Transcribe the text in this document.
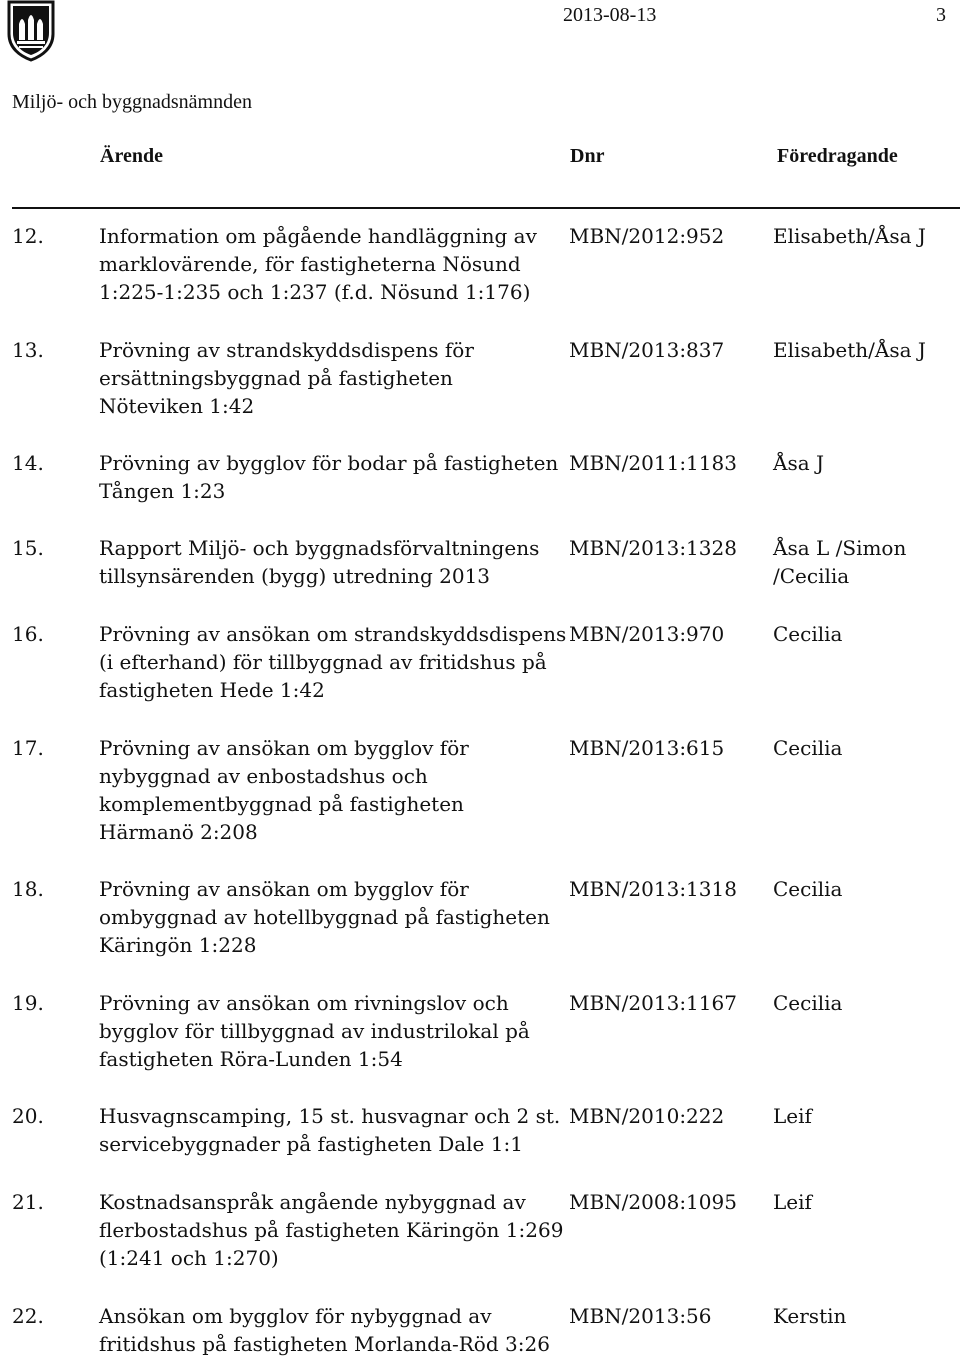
2013-08-13	3
Miljö- och byggnadsnämnden
Ärende	Dnr	Föredragande
12.	Information om pågående handläggning av
marklovärende, för fastigheterna Nösund
1:225-1:235 och 1:237 (f.d. Nösund 1:176)
MBN/2012:952 Elisabeth/Åsa J
13.	Prövning av strandskyddsdispens för
ersättningsbyggnad på fastigheten
Nöteviken 1:42
MBN/2013:837 Elisabeth/Åsa J
14.	Prövning av bygglov för bodar på fastigheten
Tången 1:23
MBN/2011:1183 Åsa J
15.	Rapport Miljö- och byggnadsförvaltningens
tillsynsärenden (bygg) utredning 2013
MBN/2013:1328 Åsa L /Simon
/Cecilia
16.	Prövning av ansökan om strandskyddsdispens
(i efterhand) för tillbyggnad av fritidshus på
fastigheten Hede 1:42
MBN/2013:970 Cecilia
17.	Prövning av ansökan om bygglov för
nybyggnad av enbostadshus och
komplementbyggnad på fastigheten
Härmanö 2:208
MBN/2013:615 Cecilia
18.	Prövning av ansökan om bygglov för
ombyggnad av hotellbyggnad på fastigheten
Käringön 1:228
MBN/2013:1318 Cecilia
19.	Prövning av ansökan om rivningslov och
bygglov för tillbyggnad av industrilokal på
fastigheten Röra-Lunden 1:54
MBN/2013:1167 Cecilia
20.	Husvagnscamping, 15 st. husvagnar och 2 st.
servicebyggnader på fastigheten Dale 1:1
MBN/2010:222 Leif
21.	Kostnadsanspråk angående nybyggnad av
flerbostadshus på fastigheten Käringön 1:269
(1:241 och 1:270)
MBN/2008:1095 Leif
22.	Ansökan om bygglov för nybyggnad av
fritidshus på fastigheten Morlanda-Röd 3:26
MBN/2013:56	Kerstin
